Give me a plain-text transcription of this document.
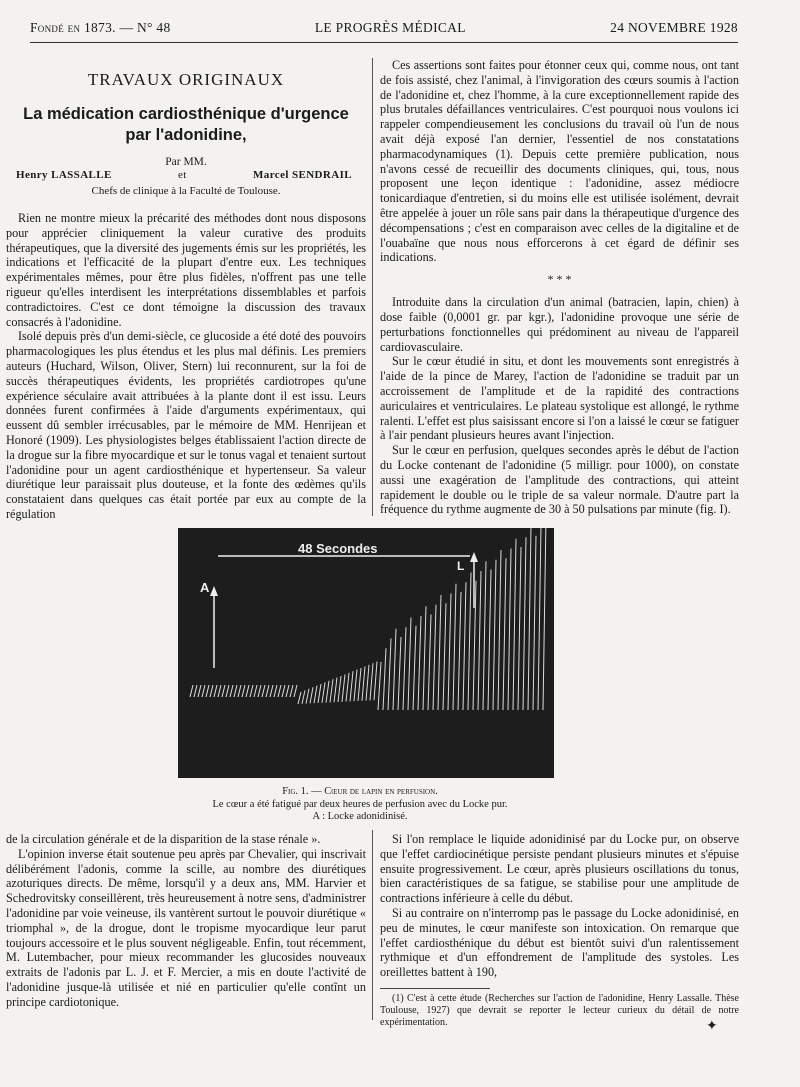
Fondé en 1873. — N° 48	LE PROGRÈS MÉDICAL	24 NOVEMBRE 1928
TRAVAUX ORIGINAUX
La médication cardiosthénique d'urgence
par l'adonidine,
Par MM.
Henry LASSALLE	et	Marcel SENDRAIL
Chefs de clinique à la Faculté de Toulouse.

Rien ne montre mieux la précarité des méthodes dont nous disposons pour apprécier cliniquement la valeur curative des produits thérapeutiques, que la diversité des jugements émis sur les propriétés, les indications et l'efficacité de la plupart d'entre eux. Les techniques expérimentales mêmes, pour être plus fidèles, n'offrent pas une telle rigueur qu'elles interdisent les interprétations dissemblables et parfois contradictoires. C'est ce dont témoigne la discussion des travaux consacrés à l'adonidine.

Isolé depuis près d'un demi-siècle, ce glucoside a été doté des pouvoirs pharmacologiques les plus étendus et les plus mal définis. Les premiers auteurs (Huchard, Wilson, Oliver, Stern) lui reconnurent, sur la foi de succès thérapeutiques évidents, les propriétés cardiotropes qu'une expérience séculaire avait attribuées à la plante dont il est issu. Leurs données furent confirmées à l'aide d'arguments expérimentaux, qui eussent dû sembler irrécusables, par le mémoire de MM. Henrijean et Honoré (1909). Les physiologistes belges établissaient l'action directe de la drogue sur la fibre myocardique et sur le tonus vagal et tenaient surtout l'adonidine pour un agent cardiosthénique et hypertenseur. Sa valeur diurétique leur paraissait plus douteuse, et la fonte des œdèmes qu'ils constataient dans quelques cas était portée par eux au compte de la régulation

Ces assertions sont faites pour étonner ceux qui, comme nous, ont tant de fois assisté, chez l'animal, à l'invigoration des cœurs soumis à l'action de l'adonidine et, chez l'homme, à la cure exceptionnellement rapide des plus brutales défaillances ventriculaires. C'est pourquoi nous voulons ici rappeler compendieusement les conclusions du travail où l'un de nous avait déjà exposé l'an dernier, l'essentiel de nos constatations pharmacodynamiques (1). Depuis cette première publication, nous n'avons cessé de recueillir des documents cliniques, qui, tous, nous proposent une leçon identique : l'adonidine, assez médiocre tonicardiaque d'entretien, si du moins elle est utilisée isolément, devrait être appelée à jouer un rôle sans pair dans la thérapeutique d'urgence des décompensations ; c'est en comparaison avec celles de la digitaline et de l'ouabaïne que nous nous efforcerons à cet égard de définir ses indications.

* * *

Introduite dans la circulation d'un animal (batracien, lapin, chien) à dose faible (0,0001 gr. par kgr.), l'adonidine provoque une série de perturbations fonctionnelles qui prédominent au niveau de l'appareil cardiovasculaire.

Sur le cœur étudié in situ, et dont les mouvements sont enregistrés à l'aide de la pince de Marey, l'action de l'adonidine se traduit par un accroissement de l'amplitude et de la rapidité des contractions auriculaires et ventriculaires. Le plateau systolique est allongé, le rythme ralenti. L'effet est plus saisissant encore si l'on a laissé le cœur se fatiguer à l'air pendant plusieurs heures avant l'injection.

Sur le cœur en perfusion, quelques secondes après le début de l'action du Locke contenant de l'adonidine (5 milligr. pour 1000), on constate aussi une exagération de l'amplitude des contractions, qui atteint rapidement le double ou le triple de sa valeur normale. D'autre part la fréquence du rythme augmente de 30 à 50 pulsations par minute (fig. I).

48 Secondes
A
L
Fig. 1. — Cœur de lapin en perfusion.
Le cœur a été fatigué par deux heures de perfusion avec du Locke pur.
A : Locke adonidinisé.

de la circulation générale et de la disparition de la stase rénale ».

L'opinion inverse était soutenue peu après par Chevalier, qui inscrivait délibérément l'adonis, comme la scille, au nombre des diurétiques azoturiques directs. De même, lorsqu'il y a deux ans, MM. Harvier et Schedrovitsky conseillèrent, très heureusement à notre sens, d'administrer l'adonidine par voie veineuse, ils vantèrent surtout le pouvoir diurétique « triomphal », de la drogue, dont le tropisme myocardique leur parut toujours accessoire et le plus souvent négligeable. Enfin, tout récemment, M. Lutembacher, pour mieux recommander les glucosides nouveaux extraits de l'adonis par L. J. et F. Mercier, a mis en doute l'activité de l'adonidine jusque-là utilisée et nié en particulier qu'elle contînt un principe cardiotonique.

Si l'on remplace le liquide adonidinisé par du Locke pur, on observe que l'effet cardiocinétique persiste pendant plusieurs minutes et s'épuise ensuite progressivement. Le cœur, après plusieurs oscillations du tonus, bien caractéristiques de sa fatigue, se stabilise pour une amplitude de contractions inférieure à celle du début.

Si au contraire on n'interromp pas le passage du Locke adonidinisé, en peu de minutes, le cœur manifeste son intoxication. On remarque que l'effet cardiosthénique du début est bientôt suivi d'un ralentissement rythmique et d'un effondrement de l'amplitude des systoles. Les oreillettes battent à 190,

(1) C'est à cette étude (Recherches sur l'action de l'adonidine, Henry Lassalle. Thèse Toulouse, 1927) que devrait se reporter le lecteur curieux du détail de notre expérimentation.	✦
